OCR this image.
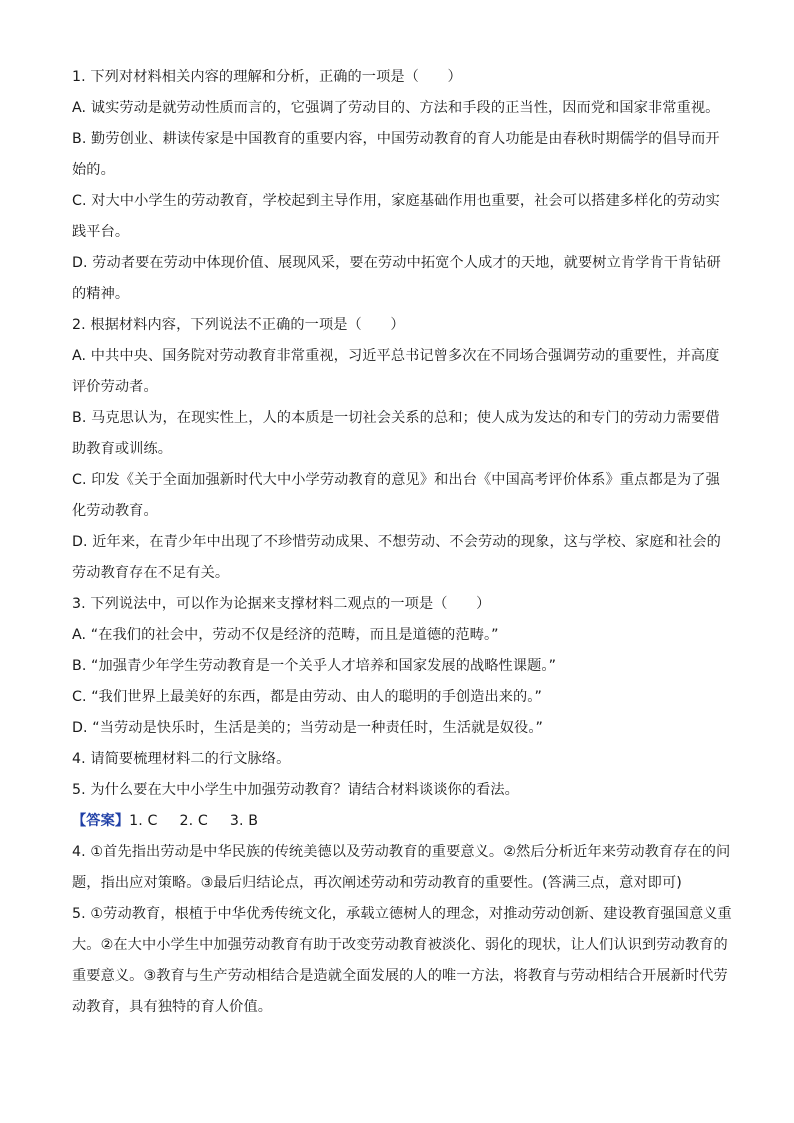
1. 下列对材料相关内容的理解和分析，正确的一项是（　　）
A. 诚实劳动是就劳动性质而言的，它强调了劳动目的、方法和手段的正当性，因而党和国家非常重视。
B. 勤劳创业、耕读传家是中国教育的重要内容，中国劳动教育的育人功能是由春秋时期儒学的倡导而开
始的。
C. 对大中小学生的劳动教育，学校起到主导作用，家庭基础作用也重要，社会可以搭建多样化的劳动实
践平台。
D. 劳动者要在劳动中体现价值、展现风采，要在劳动中拓宽个人成才的天地，就要树立肯学肯干肯钻研
的精神。
2. 根据材料内容，下列说法不正确的一项是（　　）
A. 中共中央、国务院对劳动教育非常重视，习近平总书记曾多次在不同场合强调劳动的重要性，并高度
评价劳动者。
B. 马克思认为，在现实性上，人的本质是一切社会关系的总和；使人成为发达的和专门的劳动力需要借
助教育或训练。
C. 印发《关于全面加强新时代大中小学劳动教育的意见》和出台《中国高考评价体系》重点都是为了强
化劳动教育。
D. 近年来，在青少年中出现了不珍惜劳动成果、不想劳动、不会劳动的现象，这与学校、家庭和社会的
劳动教育存在不足有关。
3. 下列说法中，可以作为论据来支撑材料二观点的一项是（　　）
A. “在我们的社会中，劳动不仅是经济的范畴，而且是道德的范畴。”
B. “加强青少年学生劳动教育是一个关乎人才培养和国家发展的战略性课题。”
C. “我们世界上最美好的东西，都是由劳动、由人的聪明的手创造出来的。”
D. “当劳动是快乐时，生活是美的；当劳动是一种责任时，生活就是奴役。”
4. 请简要梳理材料二的行文脉络。
5. 为什么要在大中小学生中加强劳动教育？请结合材料谈谈你的看法。
【答案】1. C 2. C 3. B
4. ①首先指出劳动是中华民族的传统美德以及劳动教育的重要意义。②然后分析近年来劳动教育存在的问
题，指出应对策略。③最后归结论点，再次阐述劳动和劳动教育的重要性。(答满三点，意对即可)
5. ①劳动教育，根植于中华优秀传统文化，承载立德树人的理念，对推动劳动创新、建设教育强国意义重
大。②在大中小学生中加强劳动教育有助于改变劳动教育被淡化、弱化的现状，让人们认识到劳动教育的
重要意义。③教育与生产劳动相结合是造就全面发展的人的唯一方法，将教育与劳动相结合开展新时代劳
动教育，具有独特的育人价值。
